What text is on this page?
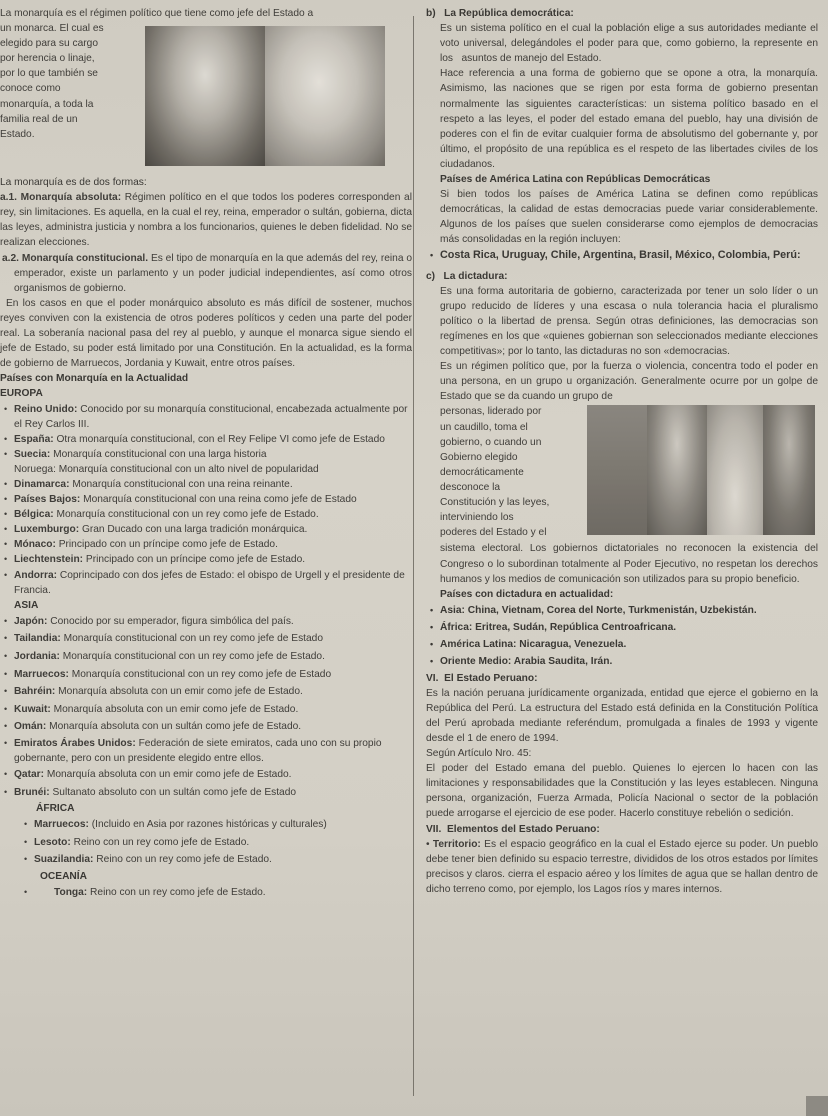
La monarquía es el régimen político que tiene como jefe del Estado a

un monarca. El cual es
elegido para su cargo
por herencia o linaje,
por lo que también se
conoce como
monarquía, a toda la
familia real de un
Estado.

La monarquía es de dos formas:

a.1. Monarquía absoluta: Régimen político en el que todos los poderes corresponden al rey, sin limitaciones. Es aquella, en la cual el rey, reina, emperador o sultán, gobierna, dicta las leyes, administra justicia y nombra a los funcionarios, quienes le deben fidelidad. No se realizan elecciones.

a.2. Monarquía constitucional. Es el tipo de monarquía en la que además del rey, reina o emperador, existe un parlamento y un poder judicial independientes, así como otros organismos de gobierno.

En los casos en que el poder monárquico absoluto es más difícil de sostener, muchos reyes conviven con la existencia de otros poderes políticos y ceden una parte del poder real. La soberanía nacional pasa del rey al pueblo, y aunque el monarca sigue siendo el jefe de Estado, su poder está limitado por una Constitución. En la actualidad, es la forma de gobierno de Marruecos, Jordania y Kuwait, entre otros países.

Países con Monarquía en la Actualidad

EUROPA

• Reino Unido: Conocido por su monarquía constitucional, encabezada actualmente por el Rey Carlos III.

• España: Otra monarquía constitucional, con el Rey Felipe VI como jefe de Estado

• Suecia: Monarquía constitucional con una larga historia

Noruega: Monarquía constitucional con un alto nivel de popularidad

• Dinamarca: Monarquía constitucional con una reina reinante.

• Países Bajos: Monarquía constitucional con una reina como jefe de Estado

• Bélgica: Monarquía constitucional con un rey como jefe de Estado.

• Luxemburgo: Gran Ducado con una larga tradición monárquica.

• Mónaco: Principado con un príncipe como jefe de Estado.

• Liechtenstein: Principado con un príncipe como jefe de Estado.

• Andorra: Coprincipado con dos jefes de Estado: el obispo de Urgell y el presidente de Francia.

ASIA

• Japón: Conocido por su emperador, figura simbólica del país.

• Tailandia: Monarquía constitucional con un rey como jefe de Estado

• Jordania: Monarquía constitucional con un rey como jefe de Estado.

• Marruecos: Monarquía constitucional con un rey como jefe de Estado

• Bahréin: Monarquía absoluta con un emir como jefe de Estado.

• Kuwait: Monarquía absoluta con un emir como jefe de Estado.

• Omán: Monarquía absoluta con un sultán como jefe de Estado.

• Emiratos Árabes Unidos: Federación de siete emiratos, cada uno con su propio gobernante, pero con un presidente elegido entre ellos.

• Qatar: Monarquía absoluta con un emir como jefe de Estado.

• Brunéi: Sultanato absoluto con un sultán como jefe de Estado

ÁFRICA

• Marruecos: (Incluido en Asia por razones históricas y culturales)

• Lesoto: Reino con un rey como jefe de Estado.

• Suazilandia: Reino con un rey como jefe de Estado.

OCEANÍA

• Tonga: Reino con un rey como jefe de Estado.

b)   La República democrática:

Es un sistema político en el cual la población elige a sus autoridades mediante el voto universal, delegándoles el poder para que, como gobierno, la represente en los   asuntos de manejo del Estado.

Hace referencia a una forma de gobierno que se opone a otra, la monarquía. Asimismo, las naciones que se rigen por esta forma de gobierno presentan normalmente las siguientes características: un sistema político basado en el respeto a las leyes, el poder del estado emana del pueblo, hay una división de poderes con el fin de evitar cualquier forma de absolutismo del gobernante y, por último, el propósito de una república es el respeto de las libertades civiles de los ciudadanos.

Países de América Latina con Repúblicas Democráticas

Si bien todos los países de América Latina se definen como repúblicas democráticas, la calidad de estas democracias puede variar considerablemente. Algunos de los países que suelen considerarse como ejemplos de democracias más consolidadas en la región incluyen:

• Costa Rica, Uruguay, Chile, Argentina, Brasil, México, Colombia, Perú:

c)   La dictadura:

Es una forma autoritaria de gobierno, caracterizada por tener un solo líder o un grupo reducido de líderes y una escasa o nula tolerancia hacia el pluralismo político o la libertad de prensa. Según otras definiciones, las democracias son regímenes en los que «quienes gobiernan son seleccionados mediante elecciones competitivas»; por lo tanto, las dictaduras no son «democracias.

Es un régimen político que, por la fuerza o violencia, concentra todo el poder en una persona, en un grupo u organización. Generalmente ocurre por un golpe de Estado que se da cuando un grupo de

personas, liderado por
un caudillo, toma el
gobierno, o cuando un
Gobierno elegido
democráticamente
desconoce la
Constitución y las leyes,
interviniendo los
poderes del Estado y el

sistema electoral. Los gobiernos dictatoriales no reconocen la existencia del Congreso o lo subordinan totalmente al Poder Ejecutivo, no respetan los derechos humanos y los medios de comunicación son utilizados para su propio beneficio.

Países con dictadura en actualidad:

• Asia: China, Vietnam, Corea del Norte, Turkmenistán, Uzbekistán.

• África: Eritrea, Sudán, República Centroafricana.

• América Latina: Nicaragua, Venezuela.

• Oriente Medio: Arabia Saudita, Irán.

VI.  El Estado Peruano:

Es la nación peruana jurídicamente organizada, entidad que ejerce el gobierno en la República del Perú. La estructura del Estado está definida en la Constitución Política del Perú aprobada mediante referéndum, promulgada a finales de 1993 y vigente desde el 1 de enero de 1994.

Según Artículo Nro. 45:

El poder del Estado emana del pueblo. Quienes lo ejercen lo hacen con las limitaciones y responsabilidades que la Constitución y las leyes establecen. Ninguna persona, organización, Fuerza Armada, Policía Nacional o sector de la población puede arrogarse el ejercicio de ese poder. Hacerlo constituye rebelión o sedición.

VII.  Elementos del Estado Peruano:

• Territorio: Es el espacio geográfico en la cual el Estado ejerce su poder. Un pueblo debe tener bien definido su espacio terrestre, divididos de los otros estados por límites precisos y claros. cierra el espacio aéreo y los límites de agua que se hallan dentro de dicho terreno como, por ejemplo, los Lagos ríos y mares internos.
